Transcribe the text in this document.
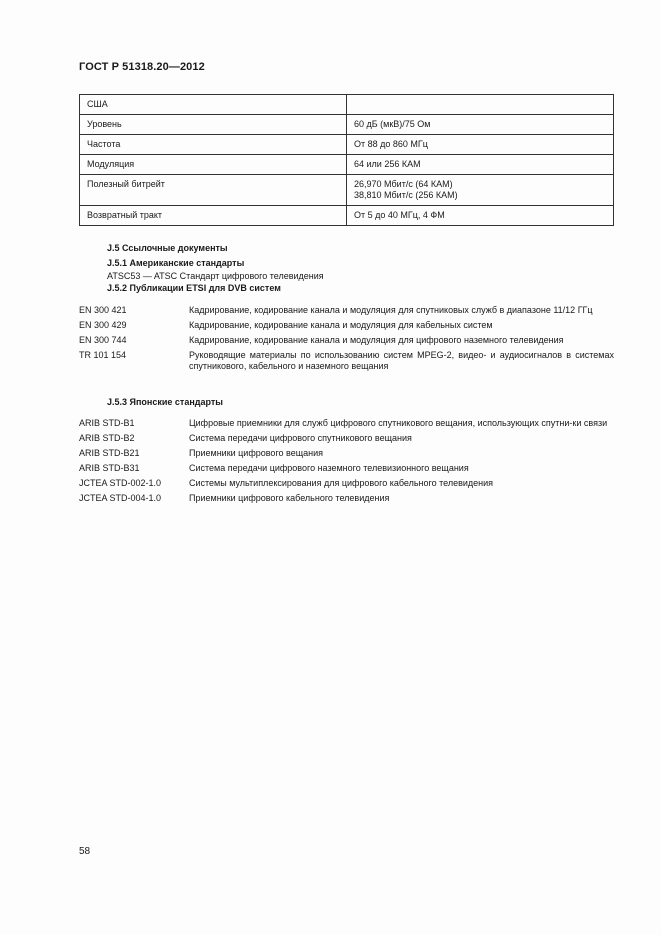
ГОСТ Р 51318.20—2012
США	
Уровень	60 дБ (мкВ)/75 Ом
Частота	От 88 до 860 МГц
Модуляция	64 или 256 КАМ
Полезный битрейт	26,970 Мбит/с (64 КАМ)
38,810 Мбит/с (256 КАМ)

Возвратный тракт	От 5 до 40 МГц, 4 ФМ
J.5 Ссылочные документы
J.5.1 Американские стандарты
ATSC53 — ATSC Стандарт цифрового телевидения
J.5.2 Публикации ETSI для DVB систем
EN 300 421	Кадрирование, кодирование канала и модуляция для спутниковых служб в диапазоне 11/12 ГГц
EN 300 429	Кадрирование, кодирование канала и модуляция для кабельных систем
EN 300 744	Кадрирование, кодирование канала и модуляция для цифрового наземного телевидения
TR 101 154	Руководящие материалы по использованию систем MPEG-2, видео- и аудиосигналов в системах спутникового, кабельного и наземного вещания
J.5.3 Японские стандарты
ARIB STD-B1	Цифровые приемники для служб цифрового спутникового вещания, использующих спутни-ки связи
ARIB STD-B2	Система передачи цифрового спутникового вещания
ARIB STD-B21	Приемники цифрового вещания
ARIB STD-B31	Система передачи цифрового наземного телевизионного вещания
JCTEA STD-002-1.0	Системы мультиплексирования для цифрового кабельного телевидения
JCTEA STD-004-1.0	Приемники цифрового кабельного телевидения
58
